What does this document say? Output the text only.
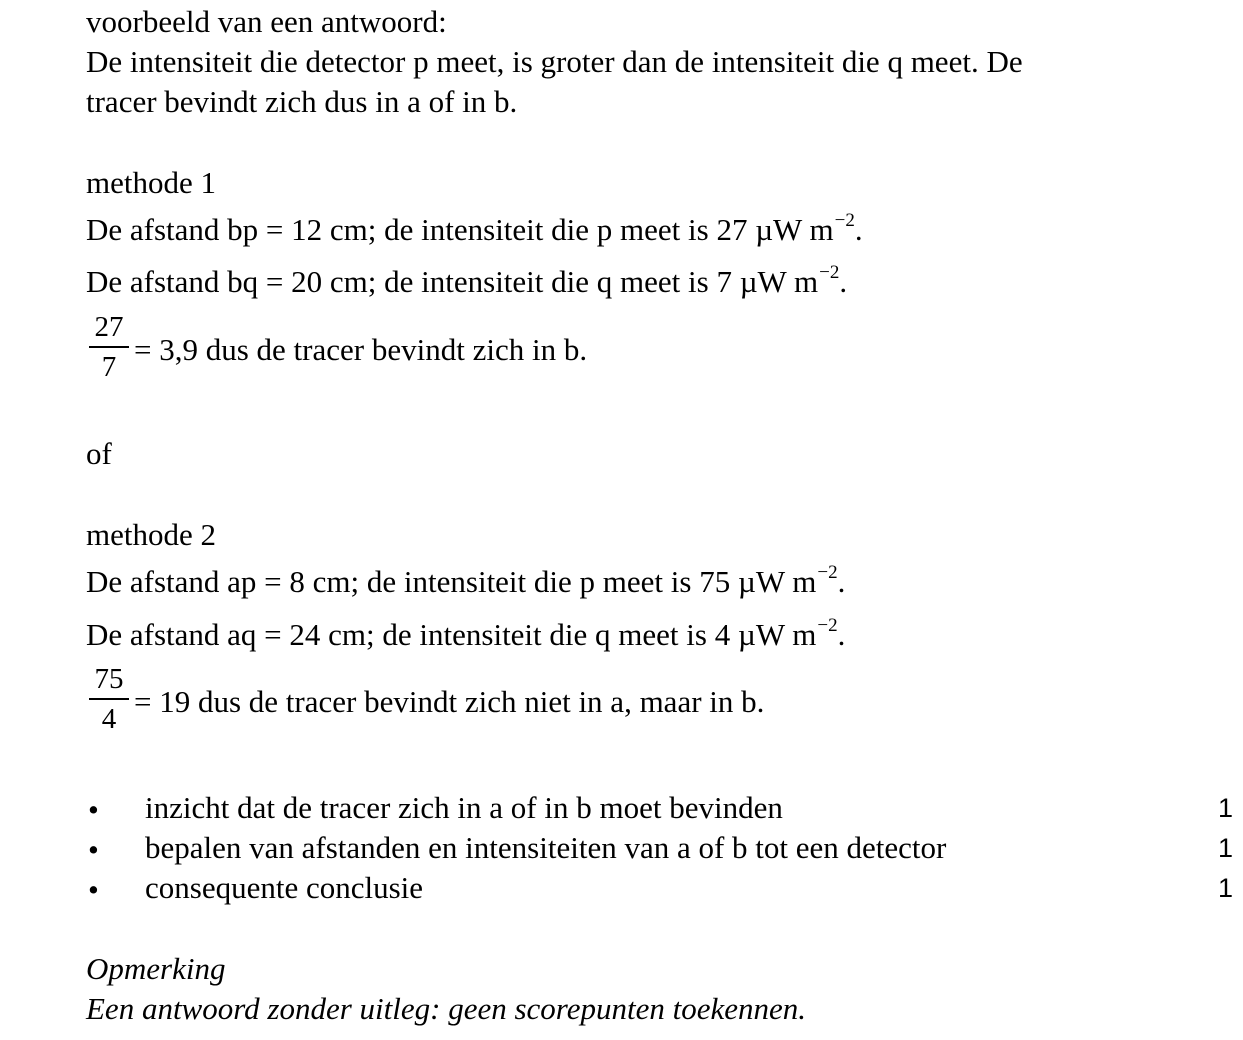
voorbeeld van een antwoord:
De intensiteit die detector p meet, is groter dan de intensiteit die q meet. De
tracer bevindt zich dus in a of in b.
methode 1
De afstand bp = 12 cm; de intensiteit die p meet is 27 µW $m^{-2}$.
De afstand bq = 20 cm; de intensiteit die q meet is 7 µW $m^{-2}$.
27
7 = 3,9 dus de tracer bevindt zich in b.
of
methode 2
De afstand ap = 8 cm; de intensiteit die p meet is 75 µW $m^{-2}$.
De afstand aq = 24 cm; de intensiteit die q meet is 4 µW $m^{-2}$.
75
4 = 19 dus de tracer bevindt zich niet in a, maar in b.
• inzicht dat de tracer zich in a of in b moet bevinden	1
• bepalen van afstanden en intensiteiten van a of b tot een detector	1
• consequente conclusie	1
Opmerking
Een antwoord zonder uitleg: geen scorepunten toekennen.
